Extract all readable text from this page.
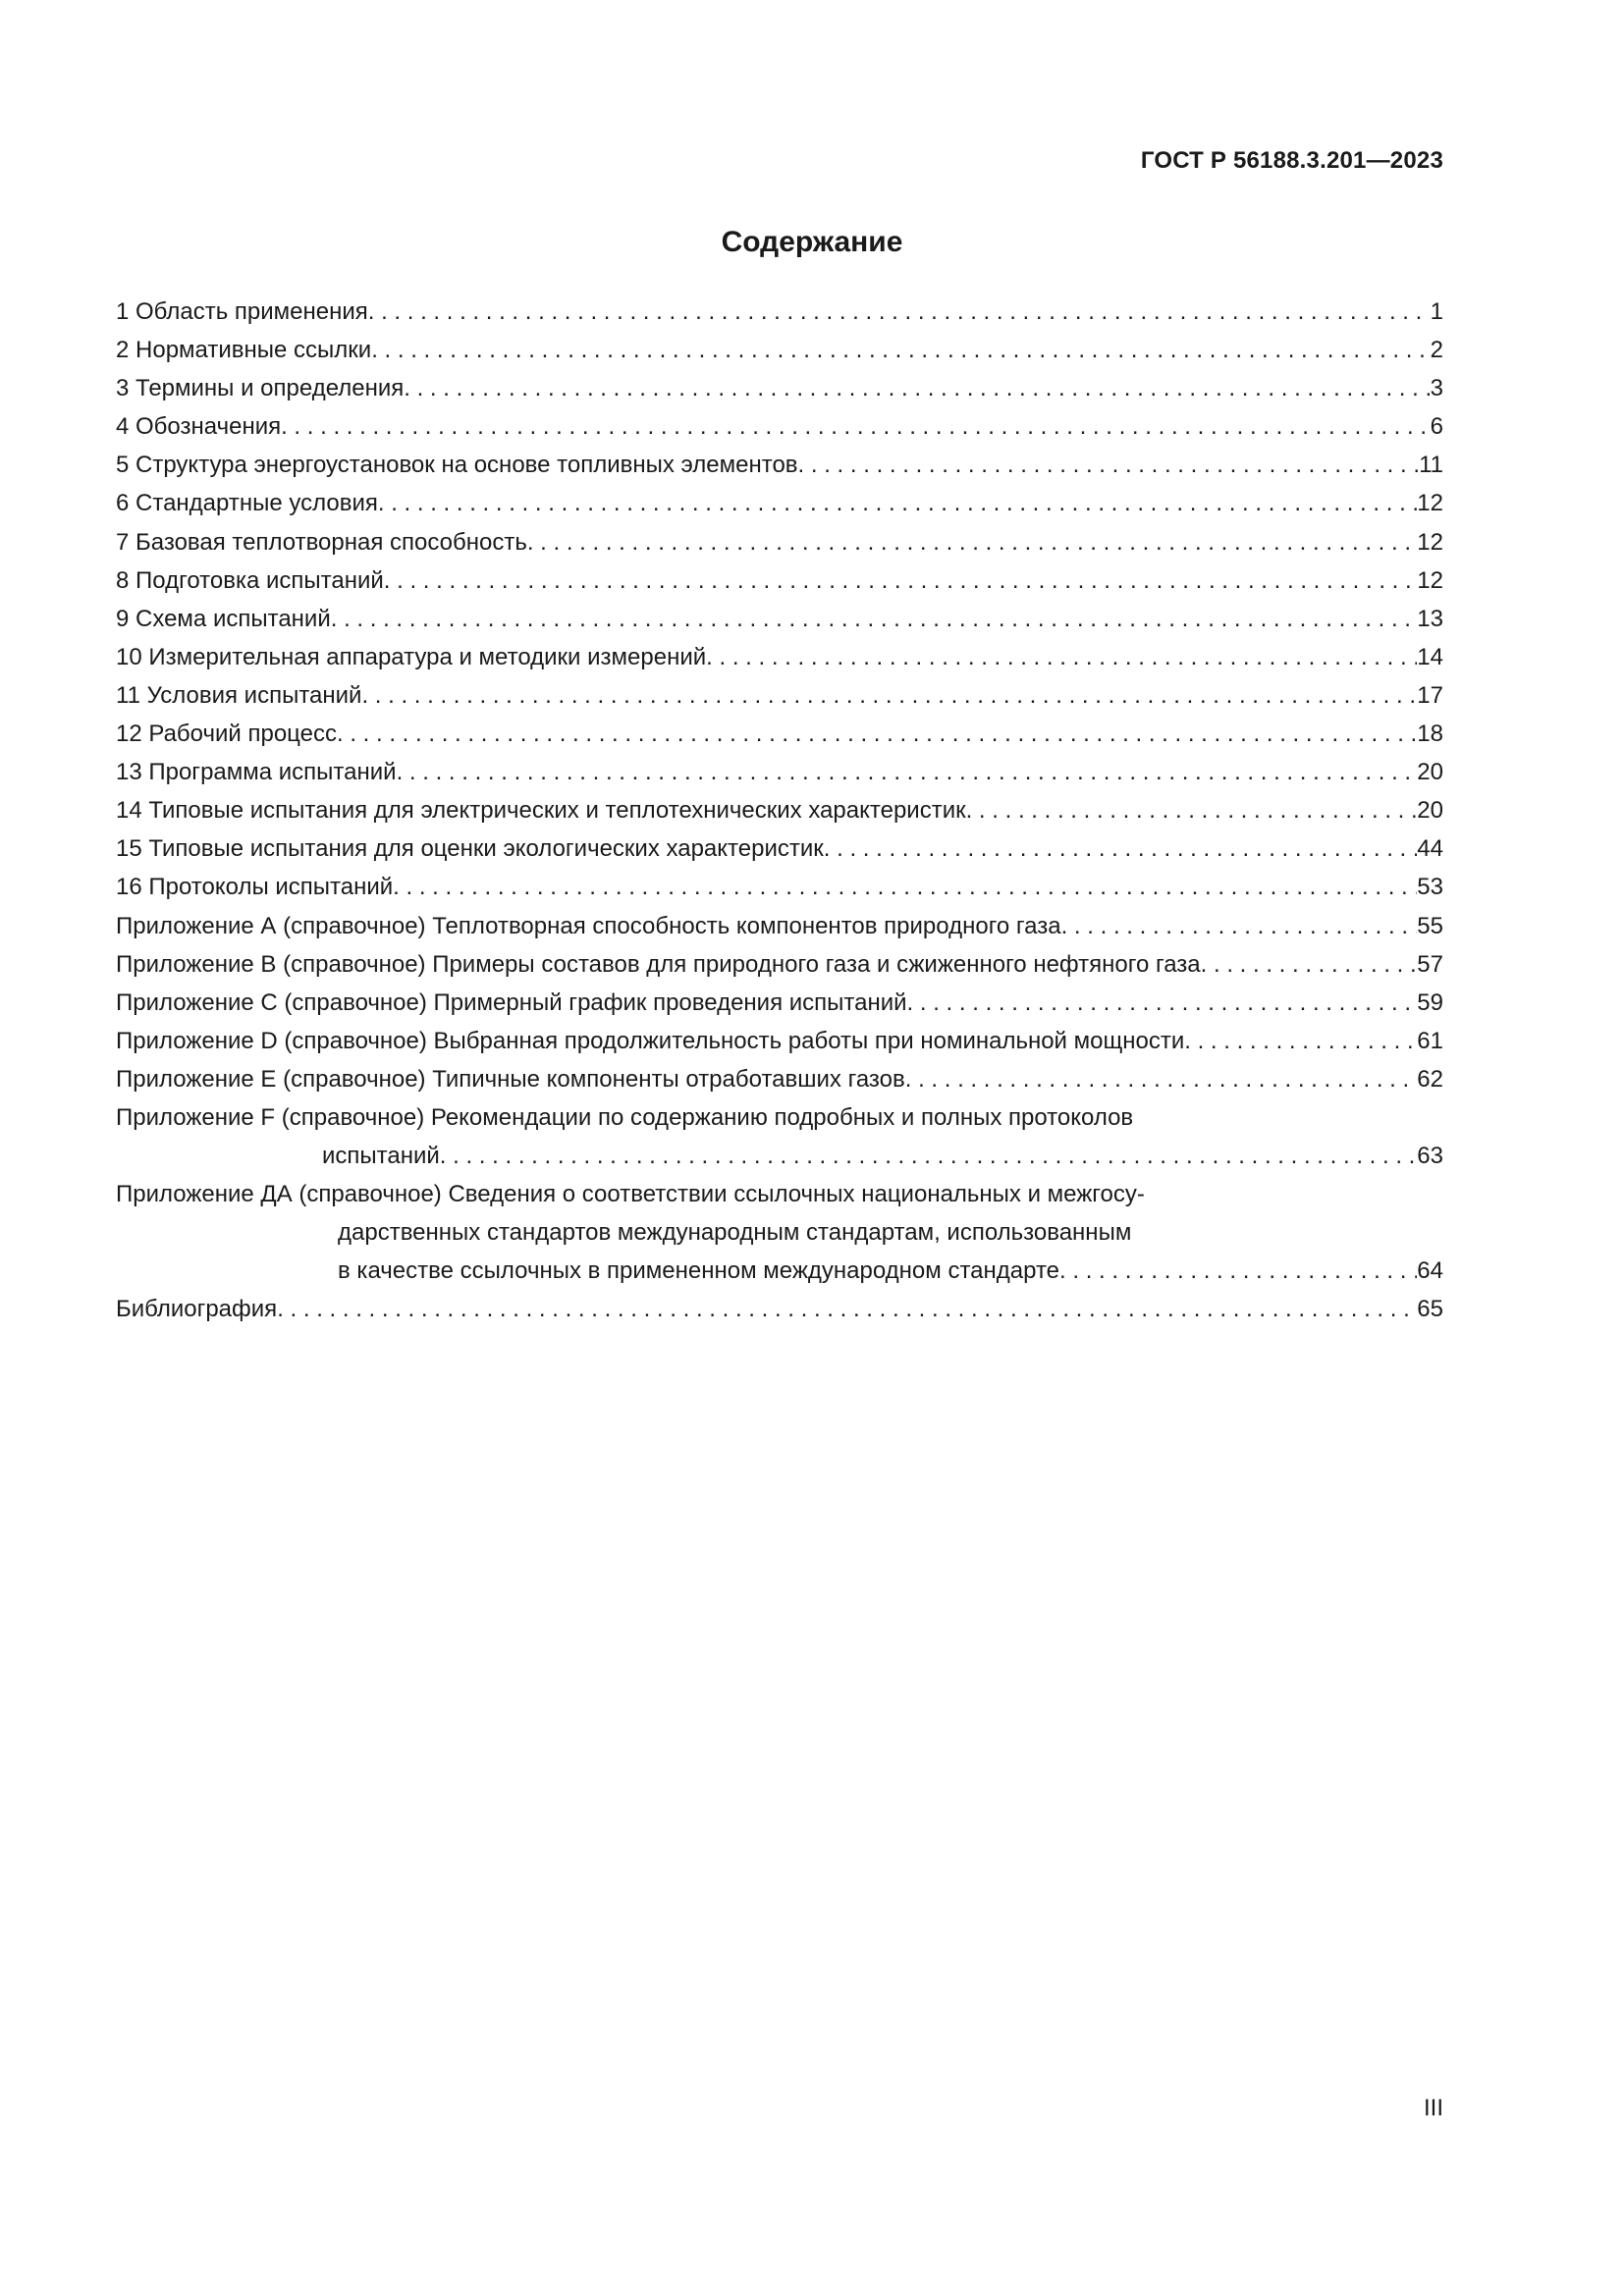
ГОСТ Р 56188.3.201—2023
Содержание
1 Область применения . . .	1
2 Нормативные ссылки . . .	2
3 Термины и определения . . .	3
4 Обозначения . . .	6
5 Структура энергоустановок на основе топливных элементов . . .	11
6 Стандартные условия . . .	12
7 Базовая теплотворная способность . . .	12
8 Подготовка испытаний . . .	12
9 Схема испытаний . . .	13
10 Измерительная аппаратура и методики измерений . . .	14
11 Условия испытаний . . .	17
12 Рабочий процесс . . .	18
13 Программа испытаний . . .	20
14 Типовые испытания для электрических и теплотехнических характеристик . . .	20
15 Типовые испытания для оценки экологических характеристик . . .	44
16 Протоколы испытаний . . .	53
Приложение А (справочное) Теплотворная способность компонентов природного газа . . .	55
Приложение В (справочное) Примеры составов для природного газа и сжиженного нефтяного газа . . .	57
Приложение С (справочное) Примерный график проведения испытаний . . .	59
Приложение D (справочное) Выбранная продолжительность работы при номинальной мощности . . .	61
Приложение Е (справочное) Типичные компоненты отработавших газов . . .	62
Приложение F (справочное) Рекомендации по содержанию подробных и полных протоколов
испытаний . . .	63
Приложение ДА (справочное) Сведения о соответствии ссылочных национальных и межгосу-
дарственных стандартов международным стандартам, использованным
в качестве ссылочных в примененном международном стандарте . . .	64
Библиография . . .	65
III
